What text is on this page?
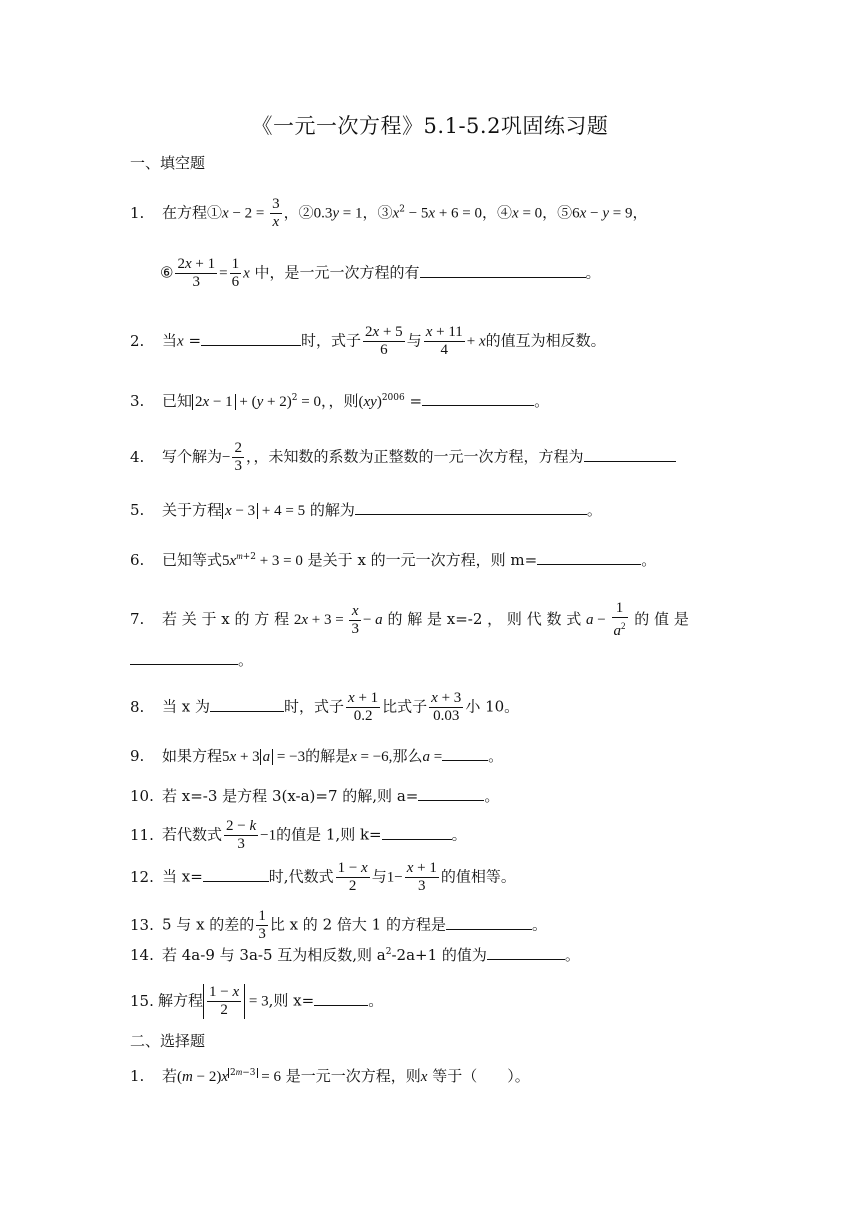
《一元一次方程》5.1-5.2巩固练习题
一、填空题
1. 在方程①x − $2 = \frac{3}{x}$ ，②0.3y = 1，$③x^2 - 5x + 6 = 0$，④x = 0，⑤6x − y = 9，
⑥ $\frac{2x + 1}{3} = \frac{1}{6}$ x 中，是一元一次方程的有	。
2. 当x =	时，式子 $\frac{2x + 5}{6}$ 与 $\frac{x + 11}{4} + x$的值互为相反数。
3. 已知 $2x - 1 + (y + 2)^2 = 0$，，则(xy)$^{2006}$ =	。
4. 写个解为− $\frac{2}{3}$ ，，未知数的系数为正整数的一元一次方程，方程为
5. 关于方程 x − 3 + 4 = 5 的解为	。
6. 已知等式$5x^{m+2} + 3 = 0$ 是关于 x 的一元一次方程，则 m=	。
7. 若 关 于 x 的 方 程 $2x + 3 = \frac{x}{3} - a$ 的 解 是 x=-2 ， 则 代 数 式 $a - \frac{1}{a^2}$ 的 值 是
。
8. 当 x 为	时，式子 $\frac{x + 1}{0.2}$ 比式子 $\frac{x + 3}{0.03}$ 小 10。
9. 如果方程5x + 3 a = −3的解是x = −6,那么a =	。
10. 若 x=-3 是方程 3(x-a)=7 的解,则 a=	。
11. 若代数式 $\frac{2 - k}{3} -1$的值是 1,则 k=	。
12. 当 x=	时,代数式 $\frac{1 - x}{2}$ 与$1- \frac{x + 1}{3}$ 的值相等。
13. 5 与 x 的差的 $\frac{1}{3}$ 比 x 的 2 倍大 1 的方程是	。
14. 若 4a-9 与 3a-5 互为相反数,则 $a^2-2a+1$ 的值为	。
15. 解方程 $\frac{1 - x}{2} = 3$,则 x=	。
二、选择题
1. 若(m − 2)x $^{2m-3}$ = 6 是一元一次方程，则x 等于（　　）。
